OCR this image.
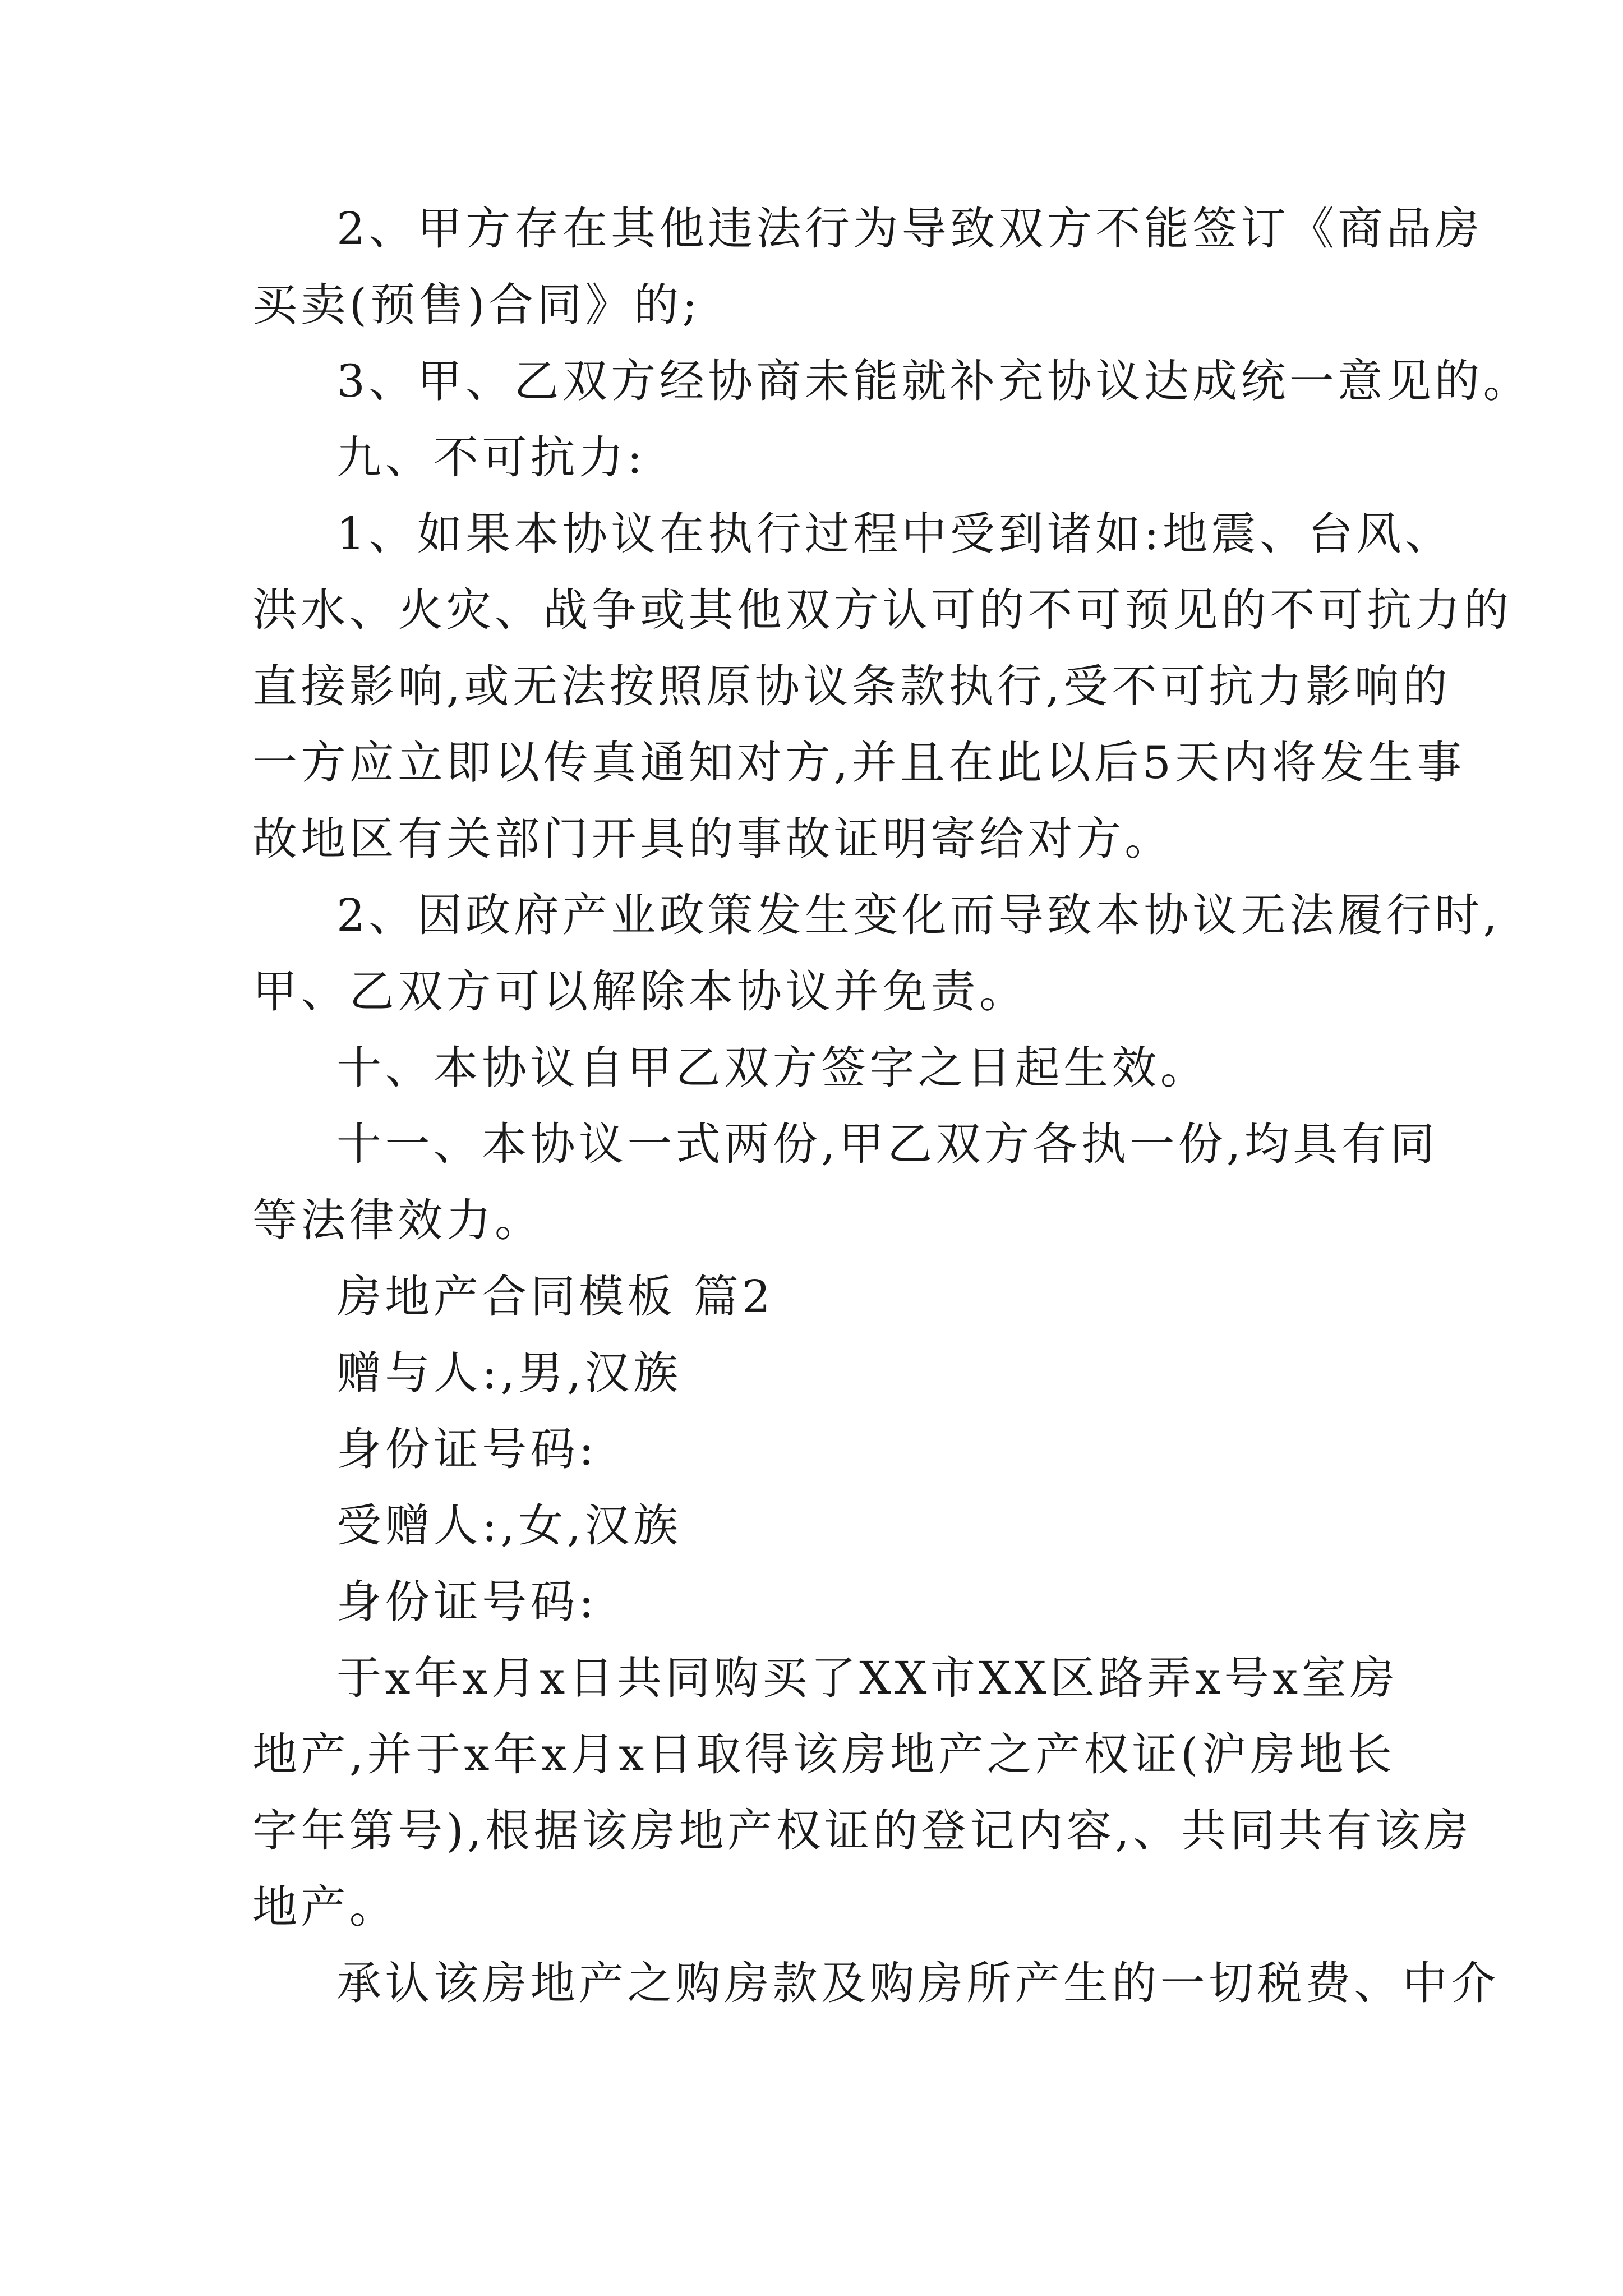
2、甲方存在其他违法行为导致双方不能签订《商品房
买卖(预售)合同》的;
3、甲、乙双方经协商未能就补充协议达成统一意见的。
九、不可抗力:
1、如果本协议在执行过程中受到诸如:地震、台风、
洪水、火灾、战争或其他双方认可的不可预见的不可抗力的
直接影响,或无法按照原协议条款执行,受不可抗力影响的
一方应立即以传真通知对方,并且在此以后5天内将发生事
故地区有关部门开具的事故证明寄给对方。
2、因政府产业政策发生变化而导致本协议无法履行时,
甲、乙双方可以解除本协议并免责。
十、本协议自甲乙双方签字之日起生效。
十一、本协议一式两份,甲乙双方各执一份,均具有同
等法律效力。
房地产合同模板 篇2
赠与人:,男,汉族
身份证号码:
受赠人:,女,汉族
身份证号码:
于x年x月x日共同购买了XX市XX区路弄x号x室房
地产,并于x年x月x日取得该房地产之产权证(沪房地长
字年第号),根据该房地产权证的登记内容,、共同共有该房
地产。
承认该房地产之购房款及购房所产生的一切税费、中介
